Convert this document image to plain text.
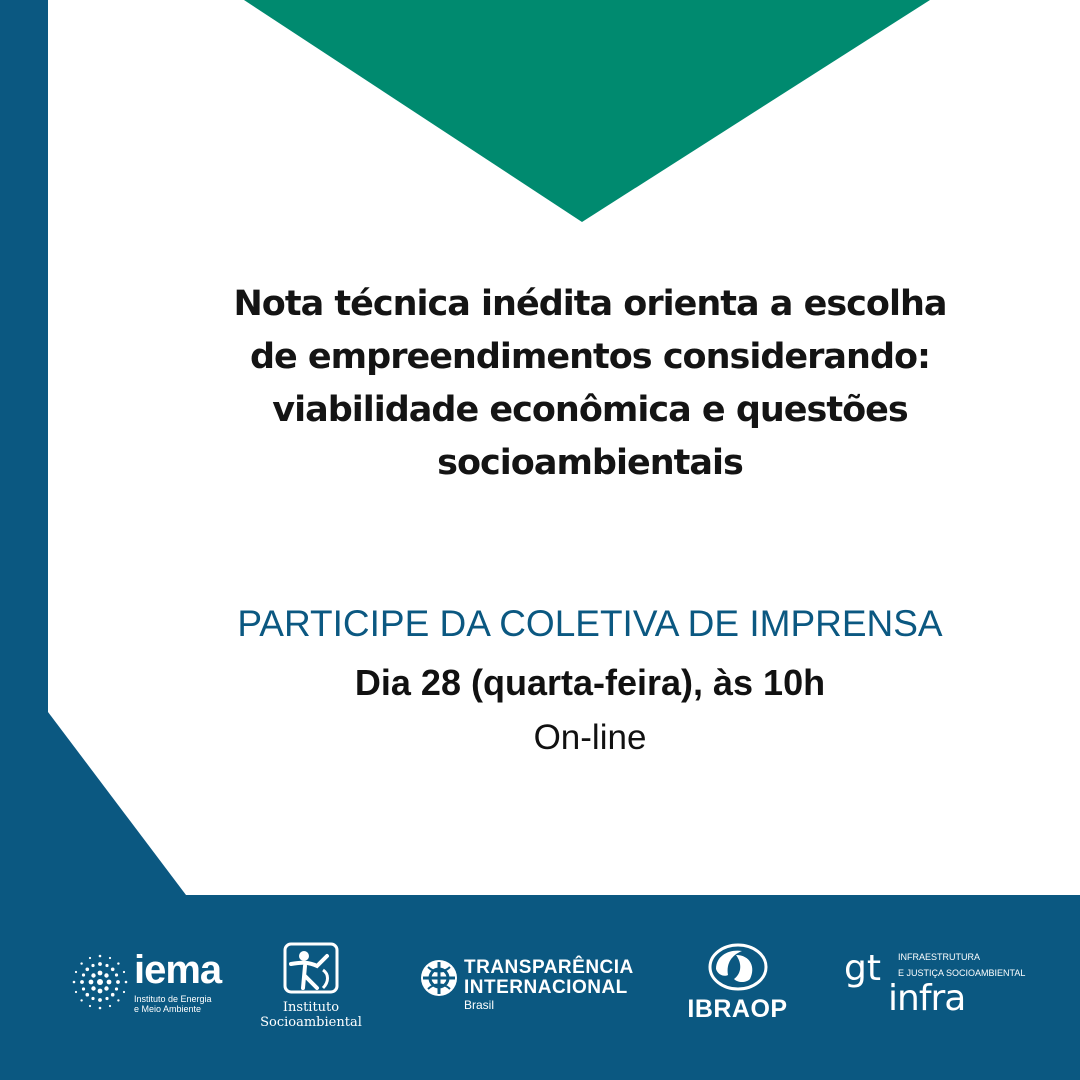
Nota técnica inédita orienta a escolha
de empreendimentos considerando:
viabilidade econômica e questões
socioambientais
PARTICIPE DA COLETIVA DE IMPRENSA
Dia 28 (quarta-feira), às 10h
On-line
iema
Instituto de Energia
e Meio Ambiente	Instituto
Socioambiental
TRANSPARÊNCIA
INTERNACIONAL
Brasil	IBRAOP
gt INFRAESTRUTURA
E JUSTIÇA SOCIOAMBIENTAL
infra
